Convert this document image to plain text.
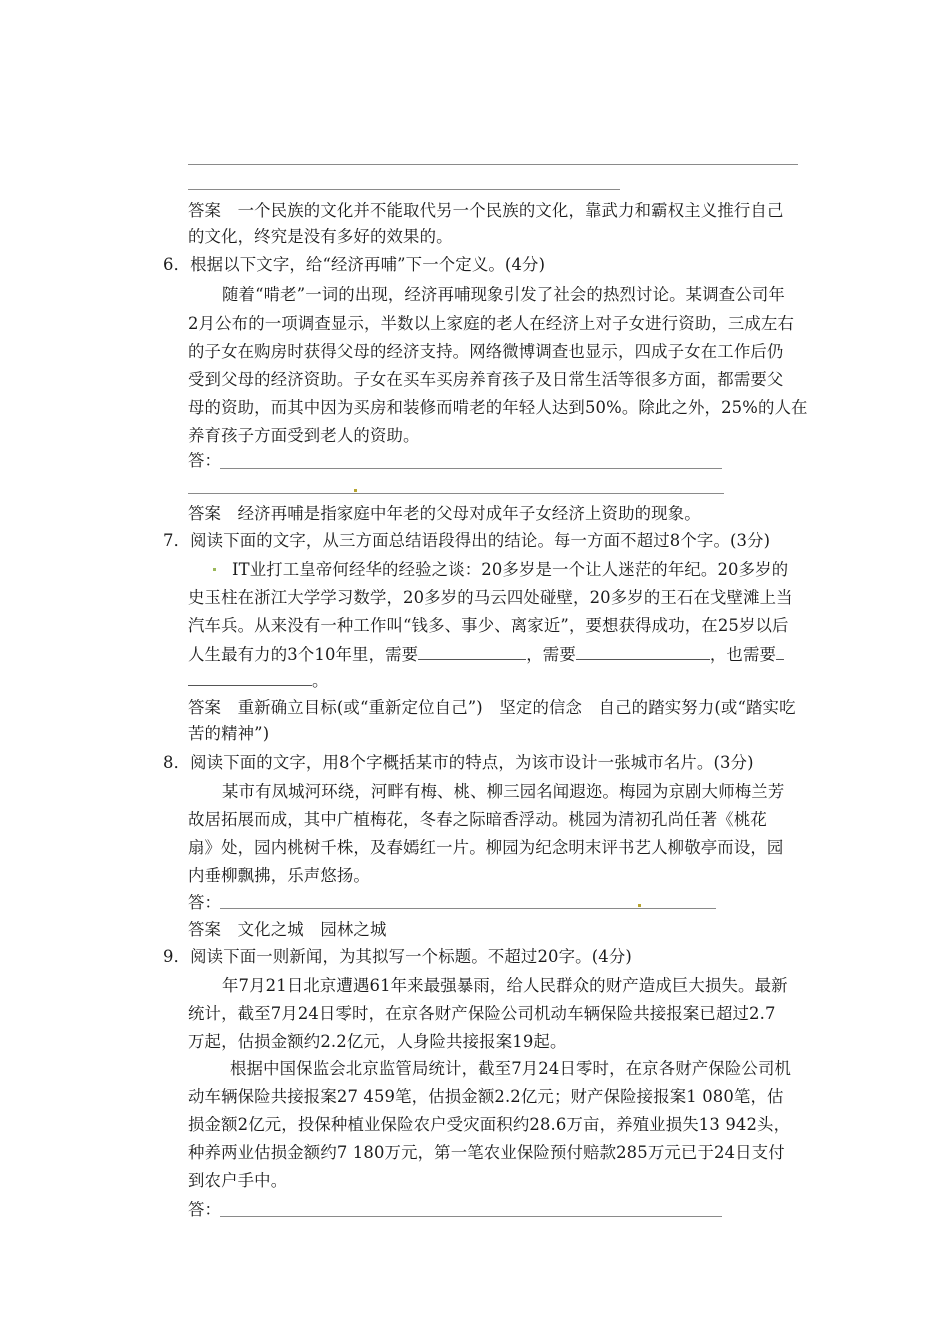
答案　 一个民族的文化并不能取代另一个民族的文化，靠武力和霸权主义推行自己
的文化，终究是没有多好的效果的。
6．根据以下文字，给“经济再哺”下一个定义。(4分)
随着“啃老”一词的出现，经济再哺现象引发了社会的热烈讨论。某调查公司年
2月公布的一项调查显示，半数以上家庭的老人在经济上对子女进行资助，三成左右
的子女在购房时获得父母的经济支持。网络微博调查也显示，四成子女在工作后仍
受到父母的经济资助。子女在买车买房养育孩子及日常生活等很多方面，都需要父
母的资助，而其中因为买房和装修而啃老的年轻人达到50%。除此之外，25%的人在
养育孩子方面受到老人的资助。
答：
答案　 经济再哺是指家庭中年老的父母对成年子女经济上资助的现象。
7．阅读下面的文字，从三方面总结语段得出的结论。每一方面不超过8个字。(3分)
IT业打工皇帝何经华的经验之谈：20多岁是一个让人迷茫的年纪。20多岁的
史玉柱在浙江大学学习数学，20多岁的马云四处碰壁，20多岁的王石在戈壁滩上当
汽车兵。从来没有一种工作叫“钱多、事少、离家近”，要想获得成功，在25岁以后
人生最有力的3个10年里，需要	，需要	，也需要
。
答案　 重新确立目标(或“重新定位自己”)　坚定的信念　自己的踏实努力(或“踏实吃
苦的精神”)
8．阅读下面的文字，用8个字概括某市的特点，为该市设计一张城市名片。(3分)
某市有凤城河环绕，河畔有梅、桃、柳三园名闻遐迩。梅园为京剧大师梅兰芳
故居拓展而成，其中广植梅花，冬春之际暗香浮动。桃园为清初孔尚任著《桃花
扇》处，园内桃树千株，及春嫣红一片。柳园为纪念明末评书艺人柳敬亭而设，园
内垂柳飘拂，乐声悠扬。
答：
答案　 文化之城　园林之城
9．阅读下面一则新闻，为其拟写一个标题。不超过20字。(4分)
年7月21日北京遭遇61年来最强暴雨，给人民群众的财产造成巨大损失。最新
统计，截至7月24日零时，在京各财产保险公司机动车辆保险共接报案已超过2.7
万起，估损金额约2.2亿元，人身险共接报案19起。
根据中国保监会北京监管局统计，截至7月24日零时，在京各财产保险公司机
动车辆保险共接报案27 459笔，估损金额2.2亿元；财产保险接报案1 080笔，估
损金额2亿元，投保种植业保险农户受灾面积约28.6万亩，养殖业损失13 942头，
种养两业估损金额约7 180万元，第一笔农业保险预付赔款285万元已于24日支付
到农户手中。
答：
